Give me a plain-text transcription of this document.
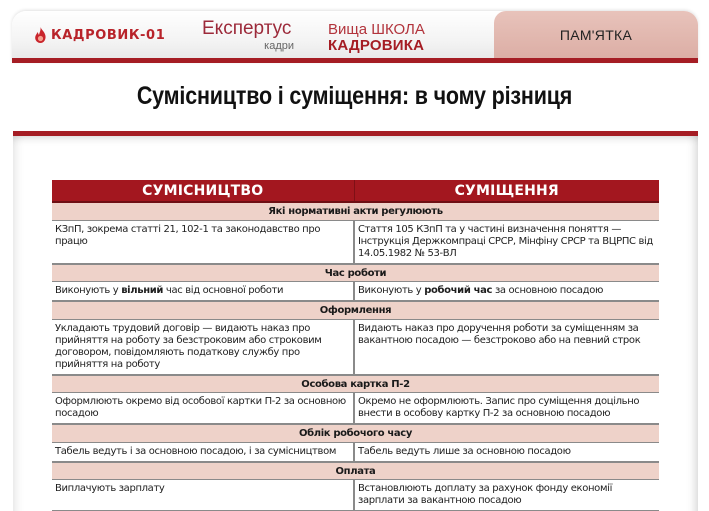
КАДРОВИК-01 Експертус
кадри
Вища ШКОЛА
КАДРОВИКА
ПАМ'ЯТКА
Сумісництво і суміщення: в чому різниця
СУМІСНИЦТВО	СУМІЩЕННЯ
Які нормативні акти регулюють	
КЗпП, зокрема статті 21, 102-1 та законодавство про працю	Стаття 105 КЗпП та у частині визначення поняття — Інструкція Держкомпраці СРСР, Мінфіну СРСР та ВЦРПС від 14.05.1982 № 53-ВЛ
Час роботи	
Виконують у вільний час від основної роботи	Виконують у робочий час за основною посадою
Оформлення	
Укладають трудовий договір — видають наказ про прийняття на роботу за безстроковим або строковим договором, повідомляють податкову службу про прийняття на роботу	Видають наказ про доручення роботи за суміщенням за вакантною посадою — безстроково або на певний строк
Особова картка П-2	
Оформлюють окремо від особової картки П-2 за основною посадою	Окремо не оформлюють. Запис про суміщення доцільно внести в особову картку П-2 за основною посадою
Облік робочого часу	
Табель ведуть і за основною посадою, і за сумісництвом	Табель ведуть лише за основною посадою
Оплата	
Виплачують зарплату	Встановлюють доплату за рахунок фонду економії зарплати за вакантною посадою
